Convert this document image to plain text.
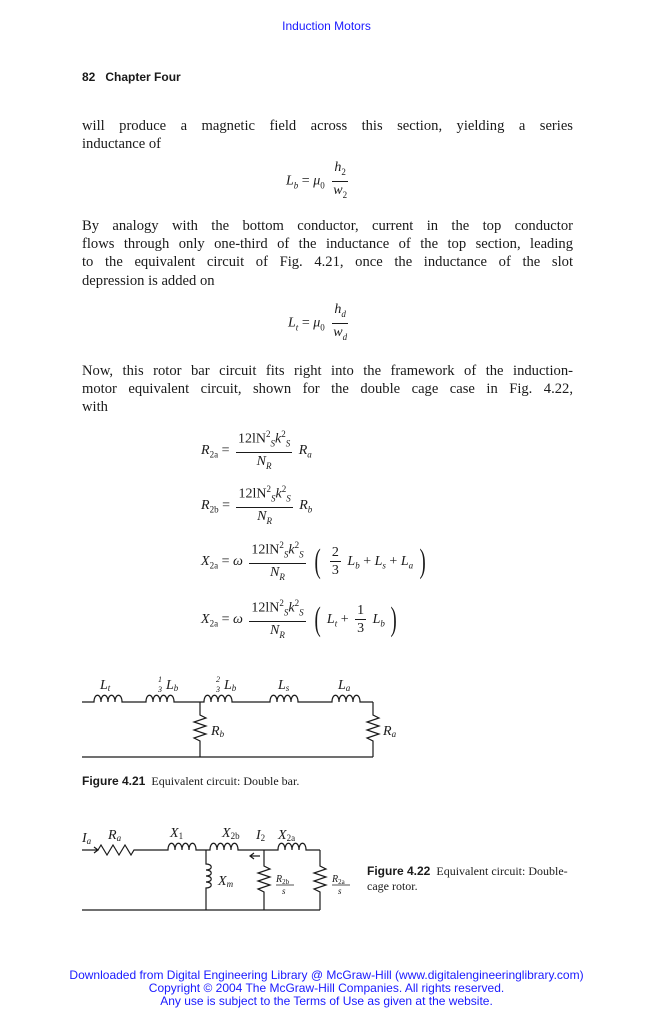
Induction Motors
82 Chapter Four
will produce a magnetic field across this section, yielding a series
inductance of
$L_b = \mu_0 \frac{h_2}{w_2}$
By analogy with the bottom conductor, current in the top conductor
flows through only one-third of the inductance of the top section, leading
to the equivalent circuit of Fig. 4.21, once the inductance of the slot
depression is added on
$L_t = \mu_0 \frac{h_d}{w_d}$
Now, this rotor bar circuit fits right into the framework of the induction-
motor equivalent circuit, shown for the double cage case in Fig. 4.22,
with
$R_{2a} = \frac{12lN^2_Sk^2_S}{N_R} R_a$
$R_{2b} = \frac{12lN^2_Sk^2_S}{N_R} R_b$
$X_{2a} = \omega \frac{12lN^2_Sk^2_S}{N_R}$ ( $\frac{2}{3} L_b + L_s + L_a$ )
$X_{2a} = \omega \frac{12lN^2_Sk^2_S}{N_R}$ ( $L_t + \frac{1}{3} L_b$ )
Lt
1
3 Lb
2
3 Lb	Ls	La
Rb	Ra
Figure 4.21 Equivalent circuit: Double bar.
Ia Ra	X1	X2b I2 X2a
Xm	$R_{2b}$
s
$R_{2a}$
s
Figure 4.22 Equivalent circuit: Double-cage rotor.
Downloaded from Digital Engineering Library @ McGraw-Hill (www.digitalengineeringlibrary.com)
Copyright © 2004 The McGraw-Hill Companies. All rights reserved.
Any use is subject to the Terms of Use as given at the website.
